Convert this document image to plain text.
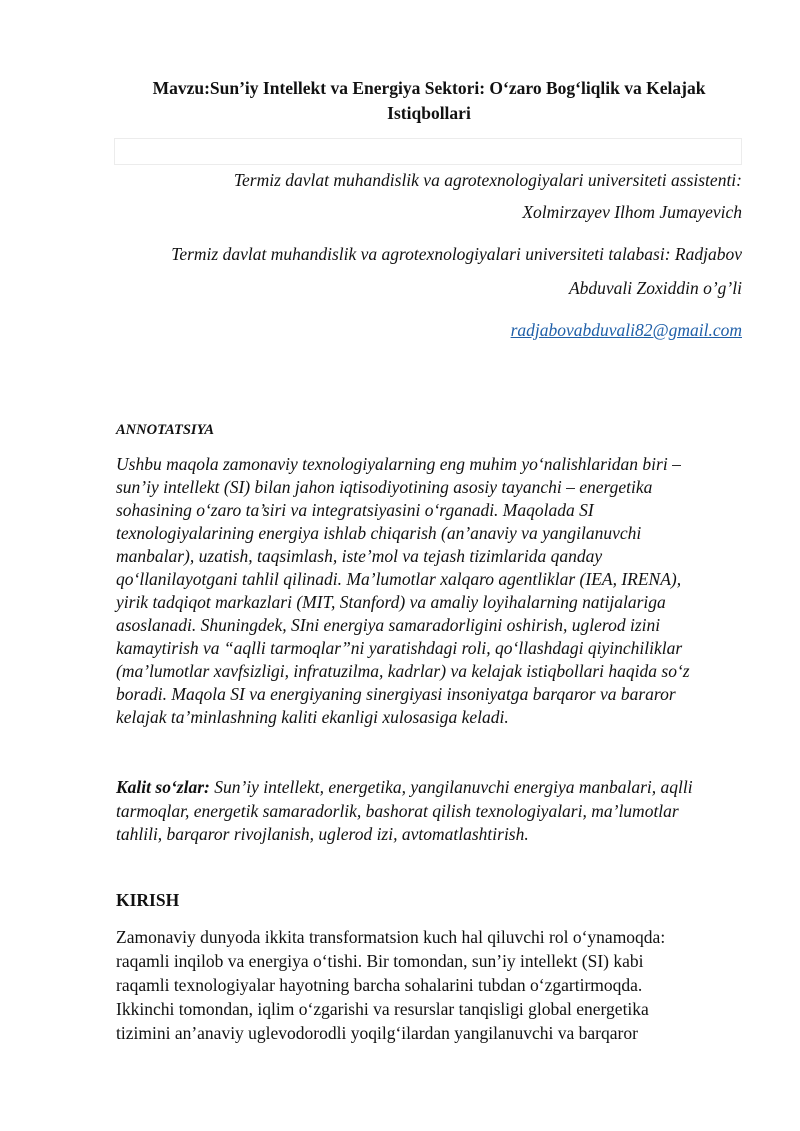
Mavzu:Sun’iy Intellekt va Energiya Sektori: O‘zaro Bog‘liqlik va Kelajak
Istiqbollari
Termiz davlat muhandislik va agrotexnologiyalari universiteti assistenti:
Xolmirzayev Ilhom Jumayevich
Termiz davlat muhandislik va agrotexnologiyalari universiteti talabasi: Radjabov
Abduvali Zoxiddin o’g’li
radjabovabduvali82@gmail.com
ANNOTATSIYA
Ushbu maqola zamonaviy texnologiyalarning eng muhim yo‘nalishlaridan biri –
sun’iy intellekt (SI) bilan jahon iqtisodiyotining asosiy tayanchi – energetika
sohasining o‘zaro ta’siri va integratsiyasini o‘rganadi. Maqolada SI
texnologiyalarining energiya ishlab chiqarish (an’anaviy va yangilanuvchi
manbalar), uzatish, taqsimlash, iste’mol va tejash tizimlarida qanday
qo‘llanilayotgani tahlil qilinadi. Ma’lumotlar xalqaro agentliklar (IEA, IRENA),
yirik tadqiqot markazlari (MIT, Stanford) va amaliy loyihalarning natijalariga
asoslanadi. Shuningdek, SIni energiya samaradorligini oshirish, uglerod izini
kamaytirish va “aqlli tarmoqlar”ni yaratishdagi roli, qo‘llashdagi qiyinchiliklar
(ma’lumotlar xavfsizligi, infratuzilma, kadrlar) va kelajak istiqbollari haqida so‘z
boradi. Maqola SI va energiyaning sinergiyasi insoniyatga barqaror va bararor
kelajak ta’minlashning kaliti ekanligi xulosasiga keladi.
Kalit so‘zlar: Sun’iy intellekt, energetika, yangilanuvchi energiya manbalari, aqlli
tarmoqlar, energetik samaradorlik, bashorat qilish texnologiyalari, ma’lumotlar
tahlili, barqaror rivojlanish, uglerod izi, avtomatlashtirish.
KIRISH
Zamonaviy dunyoda ikkita transformatsion kuch hal qiluvchi rol o‘ynamoqda:
raqamli inqilob va energiya o‘tishi. Bir tomondan, sun’iy intellekt (SI) kabi
raqamli texnologiyalar hayotning barcha sohalarini tubdan o‘zgartirmoqda.
Ikkinchi tomondan, iqlim o‘zgarishi va resurslar tanqisligi global energetika
tizimini an’anaviy uglevodorodli yoqilg‘ilardan yangilanuvchi va barqaror
